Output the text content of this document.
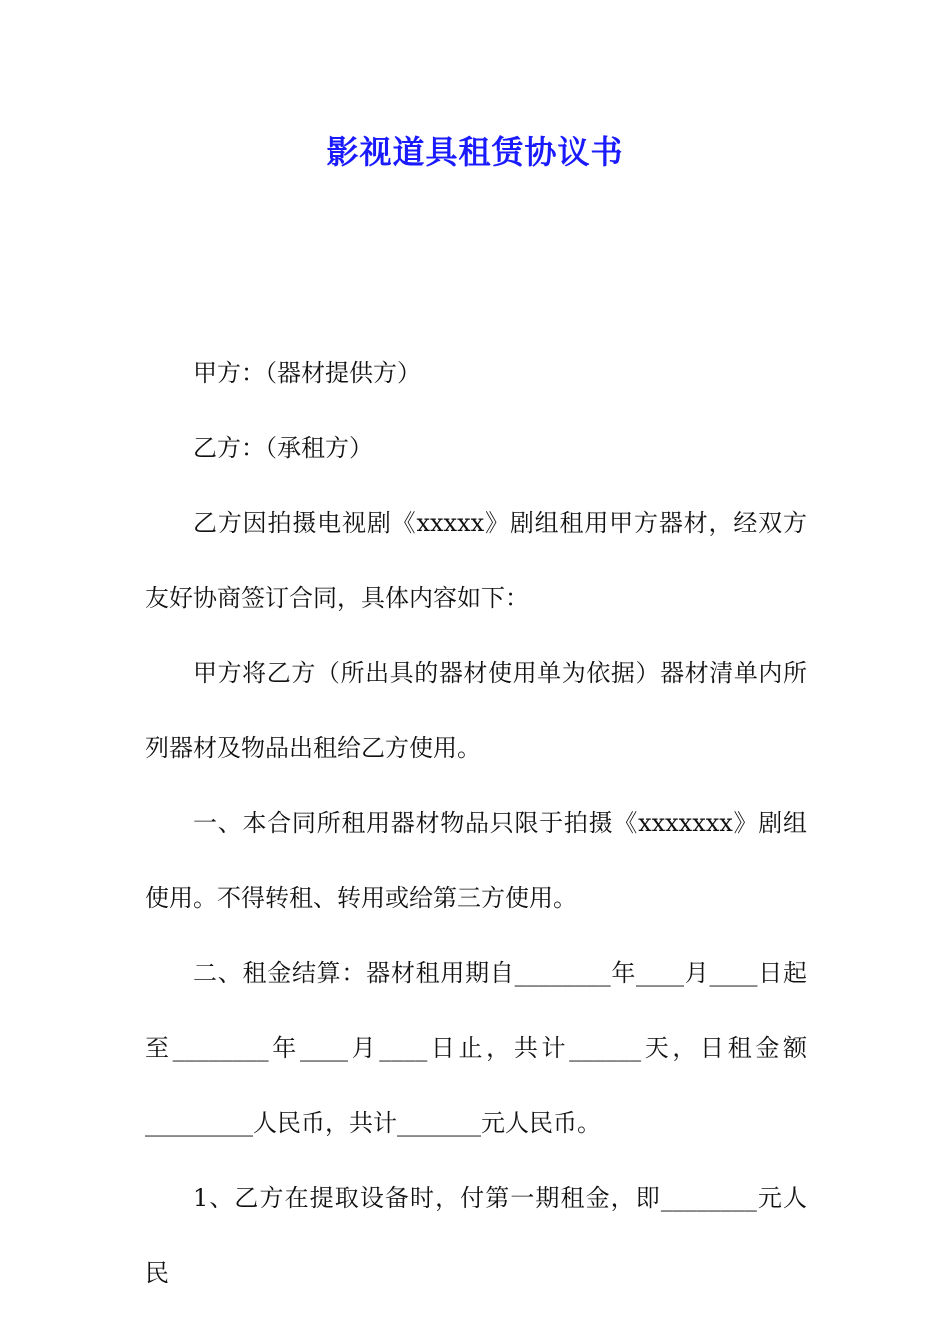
影视道具租赁协议书

甲方：（器材提供方）

乙方：（承租方）

乙方因拍摄电视剧《xxxxx》剧组租用甲方器材，经双方友好协商签订合同，具体内容如下：

甲方将乙方（所出具的器材使用单为依据）器材清单内所列器材及物品出租给乙方使用。

一、本合同所租用器材物品只限于拍摄《xxxxxxx》剧组使用。不得转租、转用或给第三方使用。

二、租金结算：器材租用期自________年____月____日起至________年____月____日止，共计______天，日租金额_________人民币，共计_______元人民币。

1、乙方在提取设备时，付第一期租金，即________元人民
